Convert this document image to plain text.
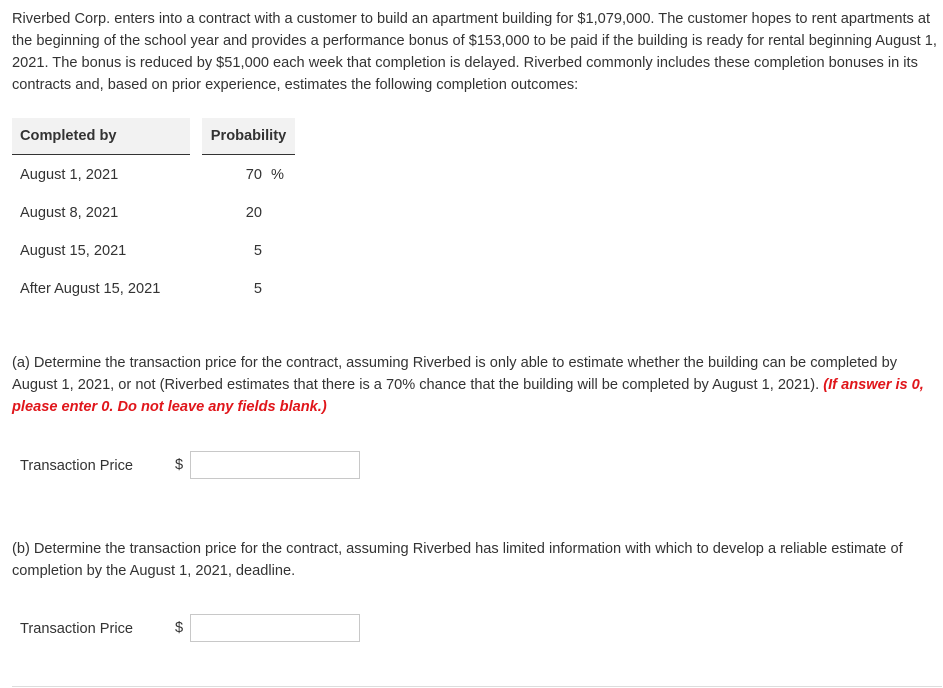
Riverbed Corp. enters into a contract with a customer to build an apartment building for $1,079,000. The customer hopes to rent apartments at the beginning of the school year and provides a performance bonus of $153,000 to be paid if the building is ready for rental beginning August 1, 2021. The bonus is reduced by $51,000 each week that completion is delayed. Riverbed commonly includes these completion bonuses in its contracts and, based on prior experience, estimates the following completion outcomes:

Completed by	Probability
August 1, 2021	70 %
August 8, 2021	20
August 15, 2021	5
After August 15, 2021	5

(a) Determine the transaction price for the contract, assuming Riverbed is only able to estimate whether the building can be completed by August 1, 2021, or not (Riverbed estimates that there is a 70% chance that the building will be completed by August 1, 2021). (If answer is 0, please enter 0. Do not leave any fields blank.)

Transaction Price	$

(b) Determine the transaction price for the contract, assuming Riverbed has limited information with which to develop a reliable estimate of completion by the August 1, 2021, deadline.

Transaction Price	$
